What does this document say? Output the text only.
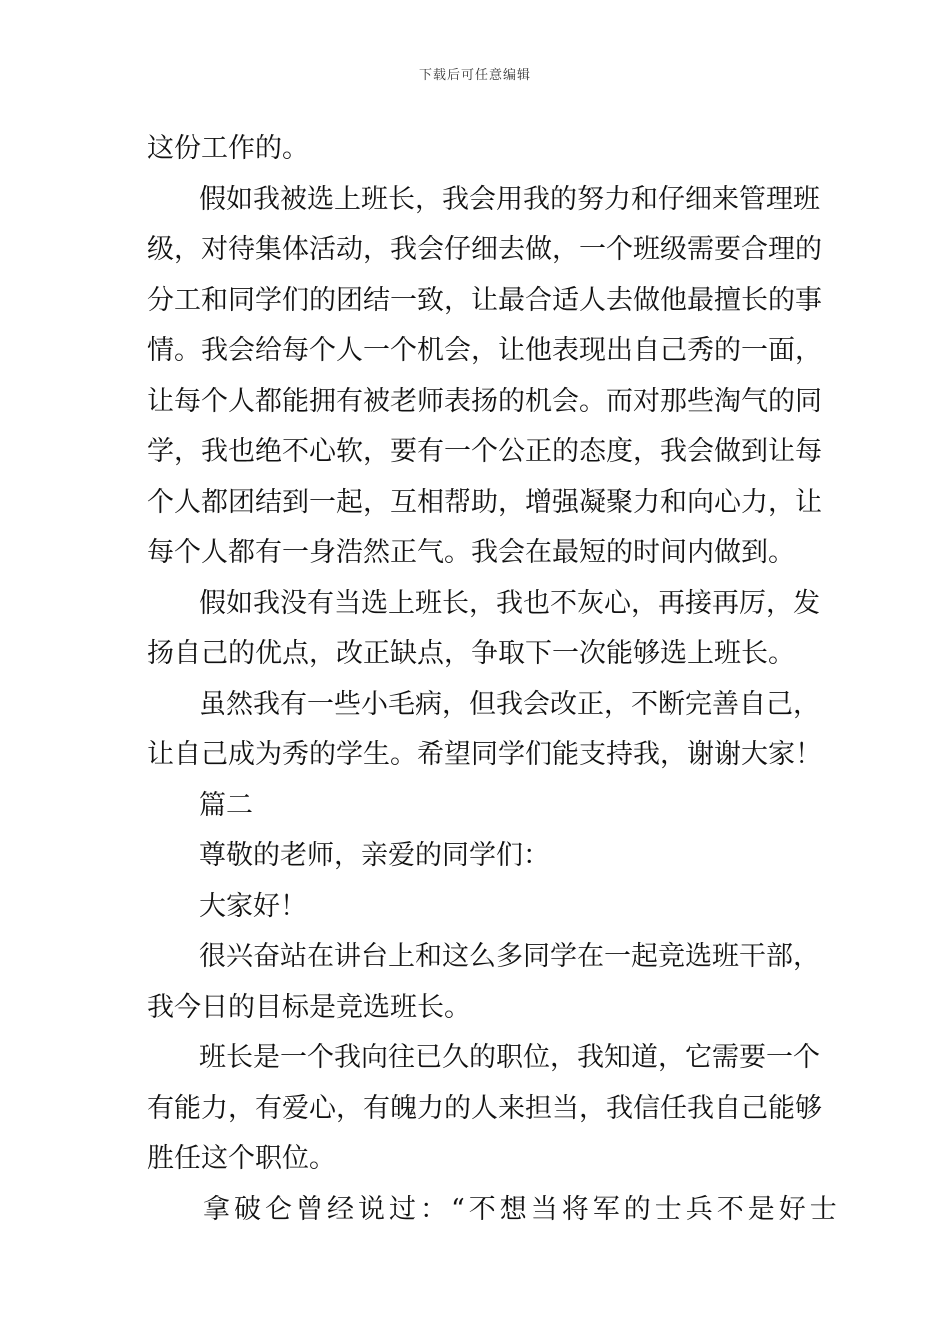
下载后可任意编辑
这份工作的。
假如我被选上班长，我会用我的努力和仔细来管理班
级，对待集体活动，我会仔细去做，一个班级需要合理的
分工和同学们的团结一致，让最合适人去做他最擅长的事
情。我会给每个人一个机会，让他表现出自己秀的一面，
让每个人都能拥有被老师表扬的机会。而对那些淘气的同
学，我也绝不心软，要有一个公正的态度，我会做到让每
个人都团结到一起，互相帮助，增强凝聚力和向心力，让
每个人都有一身浩然正气。我会在最短的时间内做到。
假如我没有当选上班长，我也不灰心，再接再厉，发
扬自己的优点，改正缺点，争取下一次能够选上班长。
虽然我有一些小毛病，但我会改正，不断完善自己，
让自己成为秀的学生。希望同学们能支持我，谢谢大家！
篇二
尊敬的老师，亲爱的同学们：
大家好！
很兴奋站在讲台上和这么多同学在一起竞选班干部，
我今日的目标是竞选班长。
班长是一个我向往已久的职位，我知道，它需要一个
有能力，有爱心，有魄力的人来担当，我信任我自己能够
胜任这个职位。
拿破仑曾经说过：“不想当将军的士兵不是好士
